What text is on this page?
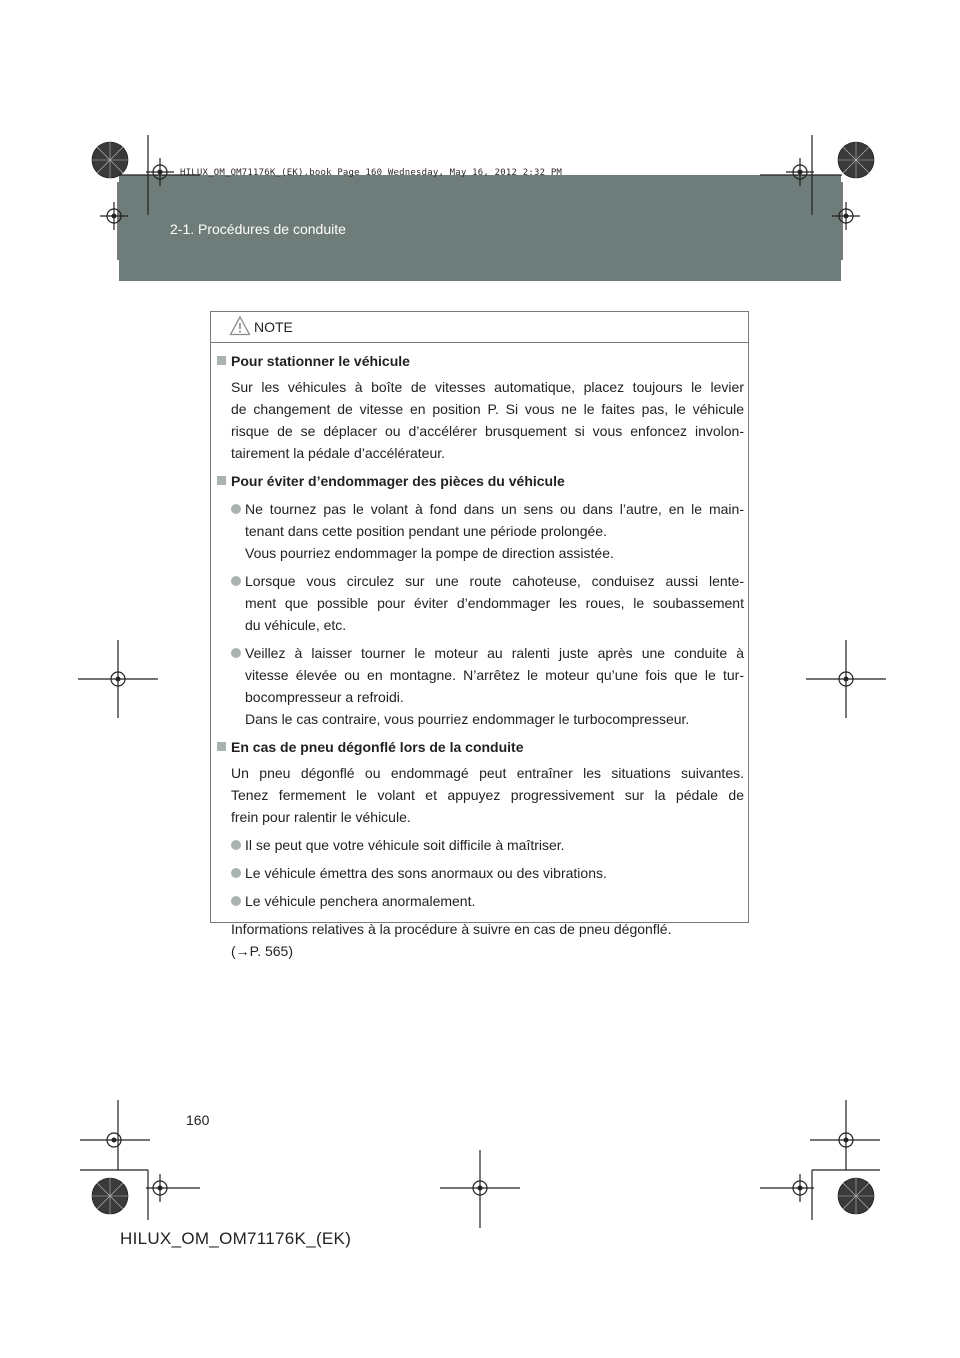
HILUX_OM_OM71176K_(EK).book Page 160 Wednesday, May 16, 2012 2:32 PM
2-1. Procédures de conduite
NOTE
Pour stationner le véhicule
Sur les véhicules à boîte de vitesses automatique, placez toujours le levier
de changement de vitesse en position P. Si vous ne le faites pas, le véhicule
risque de se déplacer ou d’accélérer brusquement si vous enfoncez involon-
tairement la pédale d’accélérateur.
Pour éviter d’endommager des pièces du véhicule
Ne tournez pas le volant à fond dans un sens ou dans l’autre, en le main-
tenant dans cette position pendant une période prolongée.
Vous pourriez endommager la pompe de direction assistée.
Lorsque vous circulez sur une route cahoteuse, conduisez aussi lente-
ment que possible pour éviter d’endommager les roues, le soubassement
du véhicule, etc.
Veillez à laisser tourner le moteur au ralenti juste après une conduite à
vitesse élevée ou en montagne. N’arrêtez le moteur qu’une fois que le tur-
bocompresseur a refroidi.
Dans le cas contraire, vous pourriez endommager le turbocompresseur.
En cas de pneu dégonflé lors de la conduite
Un pneu dégonflé ou endommagé peut entraîner les situations suivantes.
Tenez fermement le volant et appuyez progressivement sur la pédale de
frein pour ralentir le véhicule.
Il se peut que votre véhicule soit difficile à maîtriser.
Le véhicule émettra des sons anormaux ou des vibrations.
Le véhicule penchera anormalement.
Informations relatives à la procédure à suivre en cas de pneu dégonflé.
(→P. 565)
160
HILUX_OM_OM71176K_(EK)
